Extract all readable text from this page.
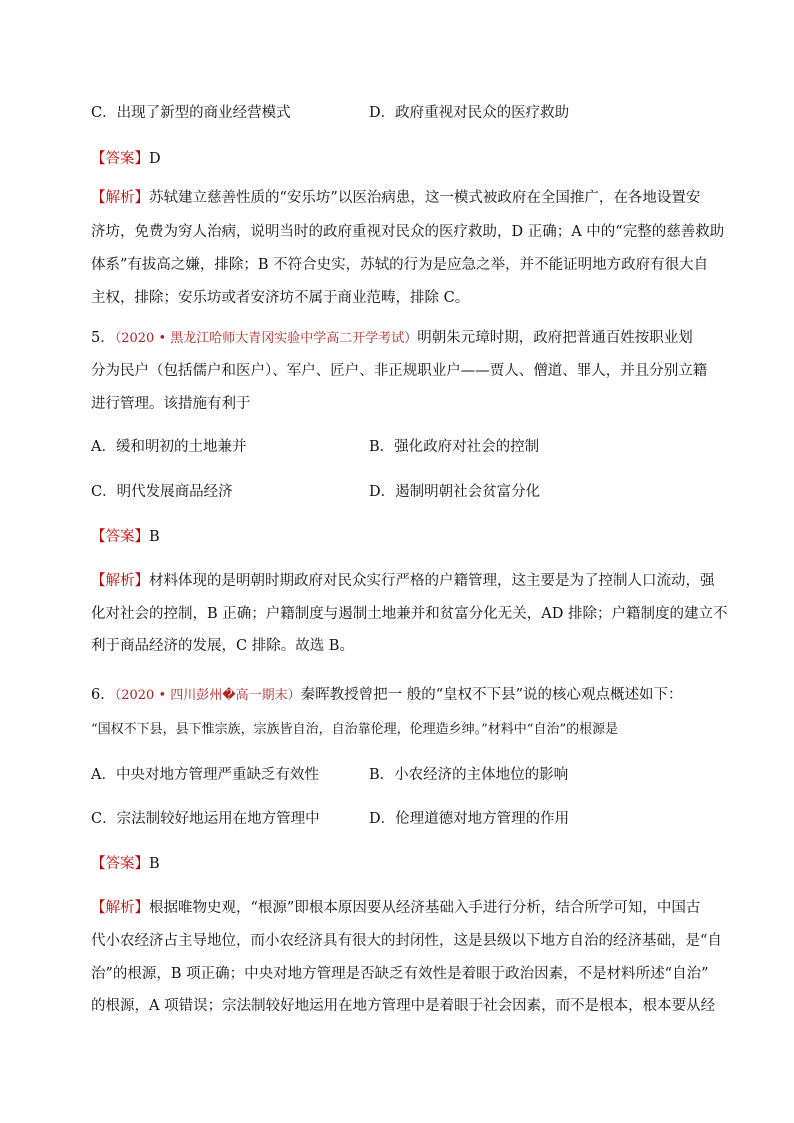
C．出现了新型的商业经营模式	D．政府重视对民众的医疗救助
【答案】D
【解析】苏轼建立慈善性质的“安乐坊”以医治病患，这一模式被政府在全国推广，在各地设置安
济坊，免费为穷人治病，说明当时的政府重视对民众的医疗救助，D 正确；A 中的“完整的慈善救助
体系”有拔高之嫌，排除；B 不符合史实，苏轼的行为是应急之举，并不能证明地方政府有很大自
主权，排除；安乐坊或者安济坊不属于商业范畴，排除 C。
5．（2020 • 黑龙江哈师大青冈实验中学高二开学考试）明朝朱元璋时期，政府把普通百姓按职业划
分为民户（包括儒户和医户）、军户、匠户、非正规职业户——贾人、僧道、罪人，并且分别立籍
进行管理。该措施有利于
A．缓和明初的土地兼并	B．强化政府对社会的控制
C．明代发展商品经济	D．遏制明朝社会贫富分化
【答案】B
【解析】材料体现的是明朝时期政府对民众实行严格的户籍管理，这主要是为了控制人口流动，强
化对社会的控制，B 正确；户籍制度与遏制土地兼并和贫富分化无关，AD 排除；户籍制度的建立不
利于商品经济的发展，C 排除。故选 B。
6．（2020 • 四川彭州�高一期末）秦晖教授曾把一 般的“皇权不下县”说的核心观点概述如下：
“国权不下县，县下惟宗族，宗族皆自治，自治靠伦理，伦理造乡绅。”材料中“自治”的根源是
A．中央对地方管理严重缺乏有效性	B．小农经济的主体地位的影响
C．宗法制较好地运用在地方管理中	D．伦理道德对地方管理的作用
【答案】B
【解析】根据唯物史观，“根源”即根本原因要从经济基础入手进行分析，结合所学可知，中国古
代小农经济占主导地位，而小农经济具有很大的封闭性，这是县级以下地方自治的经济基础，是“自
治”的根源，B 项正确；中央对地方管理是否缺乏有效性是着眼于政治因素，不是材料所述“自治”
的根源，A 项错误；宗法制较好地运用在地方管理中是着眼于社会因素，而不是根本，根本要从经
